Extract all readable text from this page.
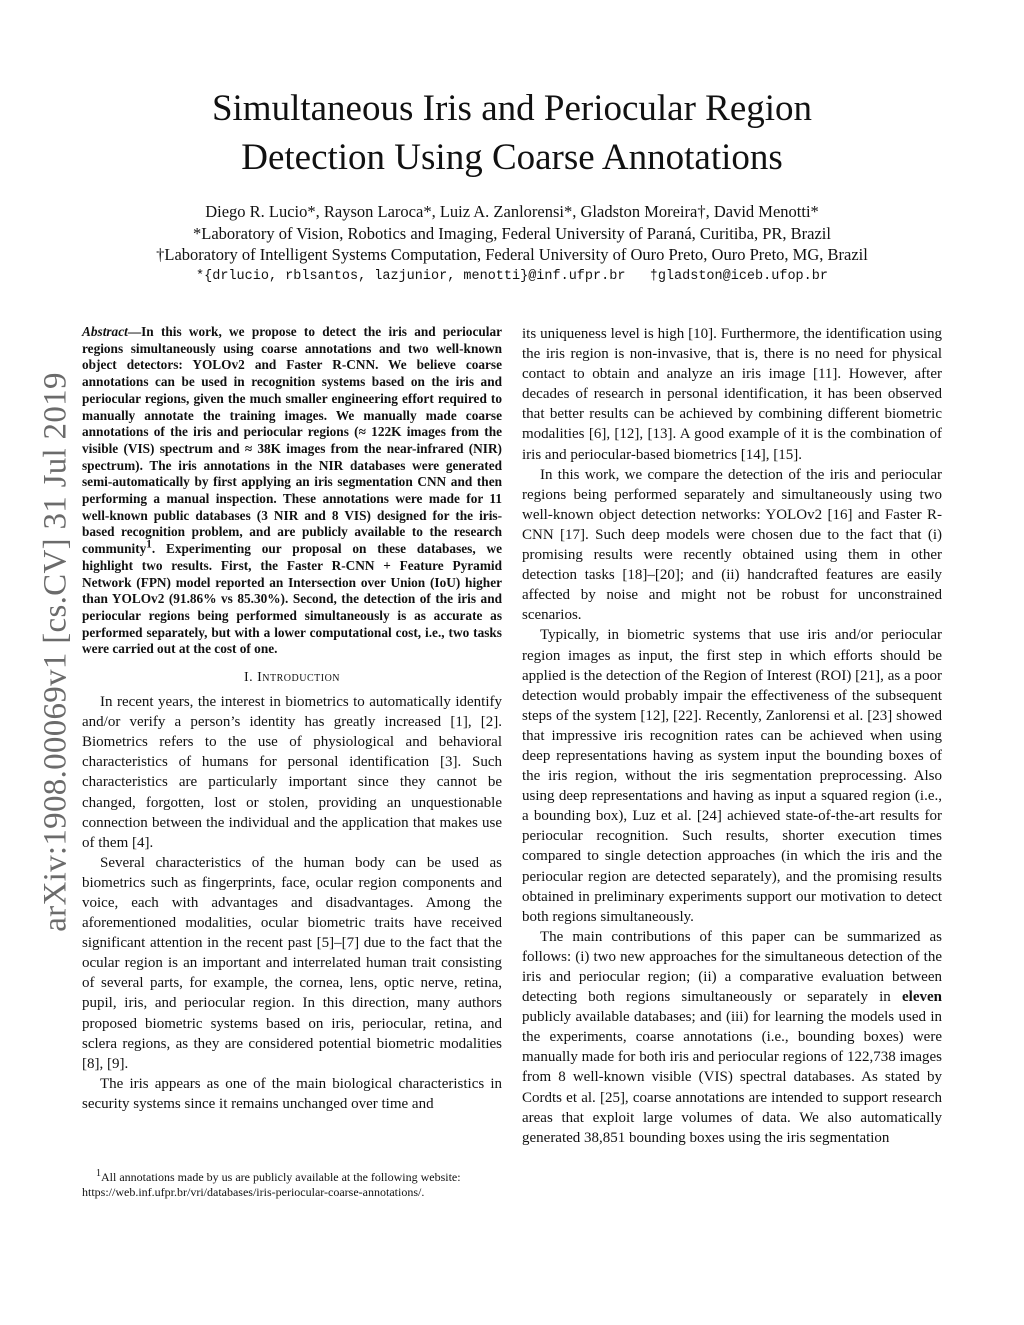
Simultaneous Iris and Periocular Region
Detection Using Coarse Annotations
Diego R. Lucio*, Rayson Laroca*, Luiz A. Zanlorensi*, Gladston Moreira†, David Menotti*
*Laboratory of Vision, Robotics and Imaging, Federal University of Paraná, Curitiba, PR, Brazil
†Laboratory of Intelligent Systems Computation, Federal University of Ouro Preto, Ouro Preto, MG, Brazil
*{drlucio, rblsantos, lazjunior, menotti}@inf.ufpr.br   †gladston@iceb.ufop.br
arXiv:1908.00069v1 [cs.CV] 31 Jul 2019

Abstract—In this work, we propose to detect the iris and periocular regions simultaneously using coarse annotations and two well-known object detectors: YOLOv2 and Faster R-CNN. We believe coarse annotations can be used in recognition systems based on the iris and periocular regions, given the much smaller engineering effort required to manually annotate the training images. We manually made coarse annotations of the iris and periocular regions (≈ 122K images from the visible (VIS) spectrum and ≈ 38K images from the near-infrared (NIR) spectrum). The iris annotations in the NIR databases were generated semi-automatically by first applying an iris segmentation CNN and then performing a manual inspection. These annotations were made for 11 well-known public databases (3 NIR and 8 VIS) designed for the iris-based recognition problem, and are publicly available to the research community$^1$. Experimenting our proposal on these databases, we highlight two results. First, the Faster R-CNN + Feature Pyramid Network (FPN) model reported an Intersection over Union (IoU) higher than YOLOv2 (91.86% vs 85.30%). Second, the detection of the iris and periocular regions being performed simultaneously is as accurate as performed separately, but with a lower computational cost, i.e., two tasks were carried out at the cost of one.

I. Introduction

In recent years, the interest in biometrics to automatically identify and/or verify a person’s identity has greatly increased [1], [2]. Biometrics refers to the use of physiological and behavioral characteristics of humans for personal identification [3]. Such characteristics are particularly important since they cannot be changed, forgotten, lost or stolen, providing an unquestionable connection between the individual and the application that makes use of them [4].

Several characteristics of the human body can be used as biometrics such as fingerprints, face, ocular region components and voice, each with advantages and disadvantages. Among the aforementioned modalities, ocular biometric traits have received significant attention in the recent past [5]–[7] due to the fact that the ocular region is an important and interrelated human trait consisting of several parts, for example, the cornea, lens, optic nerve, retina, pupil, iris, and periocular region. In this direction, many authors proposed biometric systems based on iris, periocular, retina, and sclera regions, as they are considered potential biometric modalities [8], [9].

The iris appears as one of the main biological characteristics in security systems since it remains unchanged over time and

$^1$All annotations made by us are publicly available at the following website: https://web.inf.ufpr.br/vri/databases/iris-periocular-coarse-annotations/.

its uniqueness level is high [10]. Furthermore, the identification using the iris region is non-invasive, that is, there is no need for physical contact to obtain and analyze an iris image [11]. However, after decades of research in personal identification, it has been observed that better results can be achieved by combining different biometric modalities [6], [12], [13]. A good example of it is the combination of iris and periocular-based biometrics [14], [15].

In this work, we compare the detection of the iris and periocular regions being performed separately and simultaneously using two well-known object detection networks: YOLOv2 [16] and Faster R-CNN [17]. Such deep models were chosen due to the fact that (i) promising results were recently obtained using them in other detection tasks [18]–[20]; and (ii) handcrafted features are easily affected by noise and might not be robust for unconstrained scenarios.

Typically, in biometric systems that use iris and/or periocular region images as input, the first step in which efforts should be applied is the detection of the Region of Interest (ROI) [21], as a poor detection would probably impair the effectiveness of the subsequent steps of the system [12], [22]. Recently, Zanlorensi et al. [23] showed that impressive iris recognition rates can be achieved when using deep representations having as system input the bounding boxes of the iris region, without the iris segmentation preprocessing. Also using deep representations and having as input a squared region (i.e., a bounding box), Luz et al. [24] achieved state-of-the-art results for periocular recognition. Such results, shorter execution times compared to single detection approaches (in which the iris and the periocular region are detected separately), and the promising results obtained in preliminary experiments support our motivation to detect both regions simultaneously.

The main contributions of this paper can be summarized as follows: (i) two new approaches for the simultaneous detection of the iris and periocular region; (ii) a comparative evaluation between detecting both regions simultaneously or separately in eleven publicly available databases; and (iii) for learning the models used in the experiments, coarse annotations (i.e., bounding boxes) were manually made for both iris and periocular regions of 122,738 images from 8 well-known visible (VIS) spectral databases. As stated by Cordts et al. [25], coarse annotations are intended to support research areas that exploit large volumes of data. We also automatically generated 38,851 bounding boxes using the iris segmentation
